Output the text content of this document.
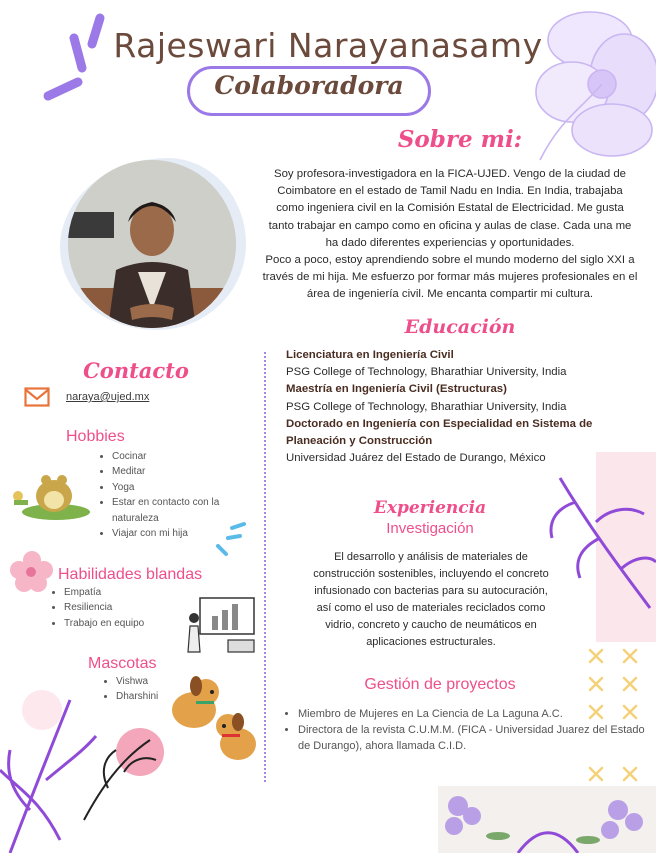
Rajeswari Narayanasamy
Colaboradora
Sobre mi:

Soy profesora-investigadora en la FICA-UJED. Vengo de la ciudad de Coimbatore en el estado de Tamil Nadu en India. En India, trabajaba como ingeniera civil en la Comisión Estatal de Electricidad. Me gusta tanto trabajar en campo como en oficina y aulas de clase. Cada una me ha dado diferentes experiencias y oportunidades.

Poco a poco, estoy aprendiendo sobre el mundo moderno del siglo XXI a través de mi hija. Me esfuerzo por formar más mujeres profesionales en el área de ingeniería civil. Me encanta compartir mi cultura.

Educación
Licenciatura en Ingeniería Civil
PSG College of Technology, Bharathiar University, India
Maestría en Ingeniería Civil (Estructuras)
PSG College of Technology, Bharathiar University, India
Doctorado en Ingeniería con Especialidad en Sistema de Planeación y Construcción
Universidad Juárez del Estado de Durango, México
Contacto
naraya@ujed.mx
Hobbies
• Cocinar
• Meditar
• Yoga
• Estar en contacto con la naturaleza
• Viajar con mi hija
Habilidades blandas
• Empatía
• Resiliencia
• Trabajo en equipo
Mascotas
• Vishwa
• Dharshini
Experiencia
Investigación
El desarrollo y análisis de materiales de construcción sostenibles, incluyendo el concreto infusionado con bacterias para su autocuración, así como el uso de materiales reciclados como vidrio, concreto y caucho de neumáticos en aplicaciones estructurales.
Gestión de proyectos
• Miembro de Mujeres en La Ciencia de La Laguna A.C.
• Directora de la revista C.U.M.M. (FICA - Universidad Juarez del Estado de Durango), ahora llamada C.I.D.
